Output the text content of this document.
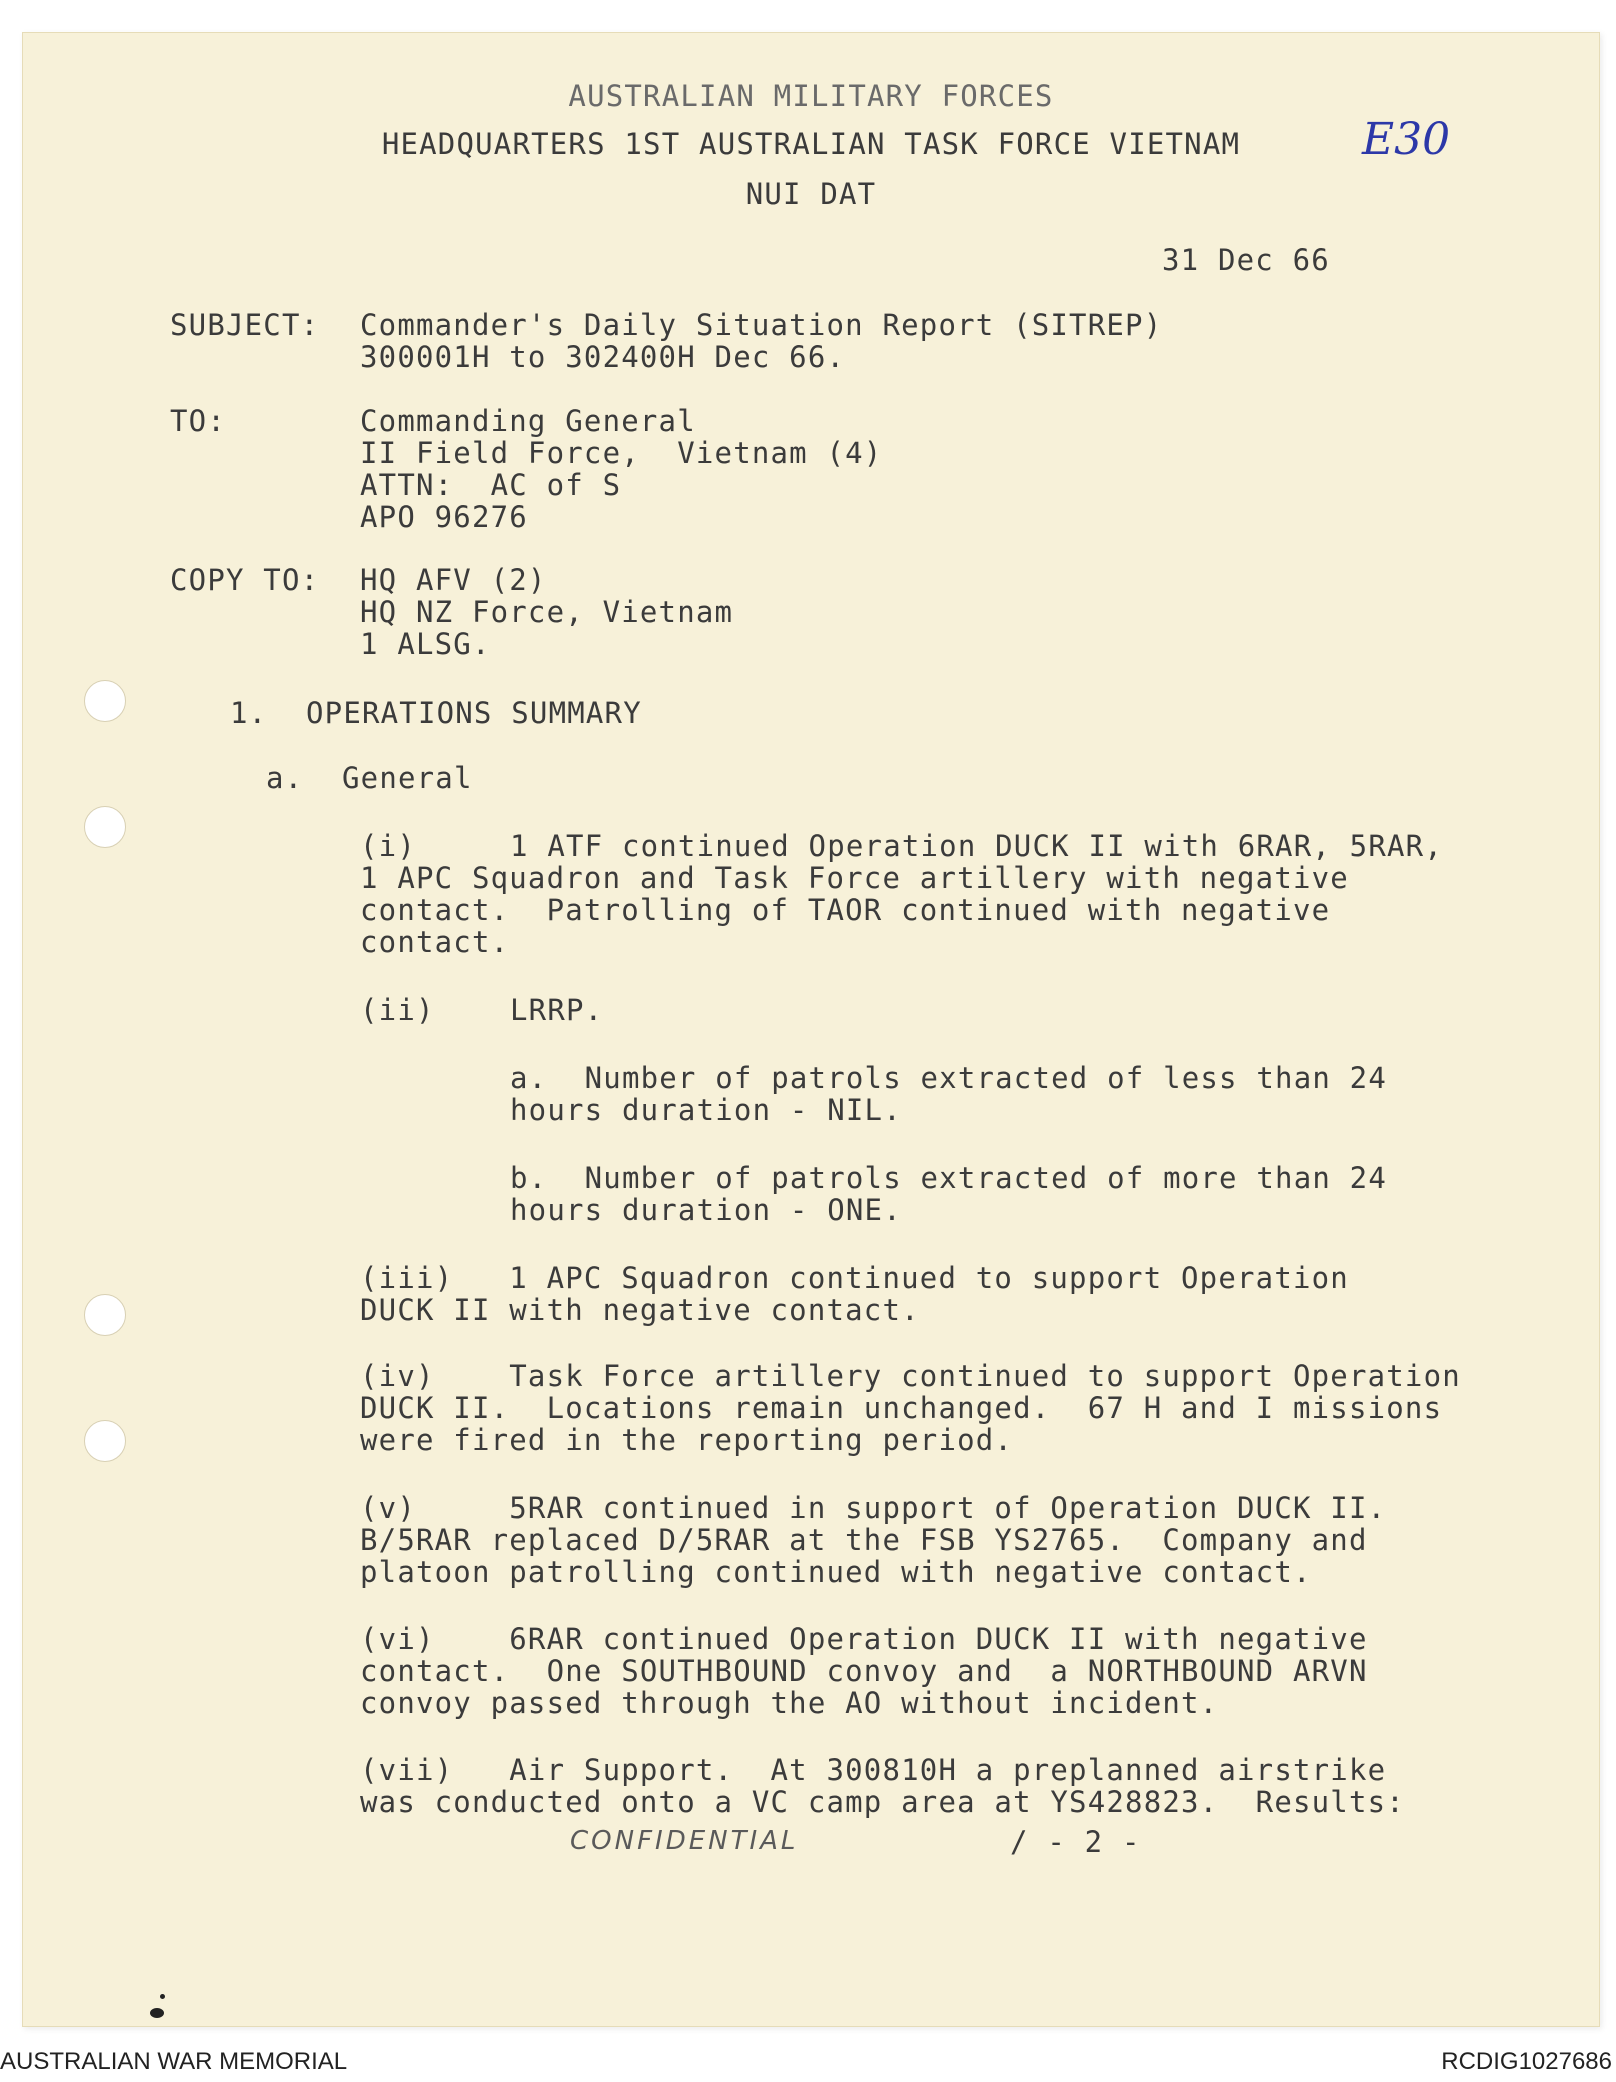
AUSTRALIAN MILITARY FORCES
HEADQUARTERS 1ST AUSTRALIAN TASK FORCE VIETNAM
NUI DAT
E30
31 Dec 66
SUBJECT: Commander's Daily Situation Report (SITREP)
300001H to 302400H Dec 66.
TO:	Commanding General
II Field Force,  Vietnam (4)
ATTN:  AC of S
APO 96276
COPY TO: HQ AFV (2)
HQ NZ Force, Vietnam
1 ALSG.
1. OPERATIONS SUMMARY
a. General
(i)	1 ATF continued Operation DUCK II with 6RAR, 5RAR,
1 APC Squadron and Task Force artillery with negative
contact.  Patrolling of TAOR continued with negative
contact.
(ii)	LRRP.
a.  Number of patrols extracted of less than 24
hours duration - NIL.
b.  Number of patrols extracted of more than 24
hours duration - ONE.
(iii)   1 APC Squadron continued to support Operation
DUCK II with negative contact.
(iv)    Task Force artillery continued to support Operation
DUCK II.  Locations remain unchanged.  67 H and I missions
were fired in the reporting period.
(v)     5RAR continued in support of Operation DUCK II.
B/5RAR replaced D/5RAR at the FSB YS2765.  Company and
platoon patrolling continued with negative contact.
(vi)    6RAR continued Operation DUCK II with negative
contact.  One SOUTHBOUND convoy and  a NORTHBOUND ARVN
convoy passed through the AO without incident.
(vii)   Air Support.  At 300810H a preplanned airstrike
was conducted onto a VC camp area at YS428823.  Results:
CONFIDENTIAL	/ - 2 -
AUSTRALIAN WAR MEMORIAL	RCDIG1027686
